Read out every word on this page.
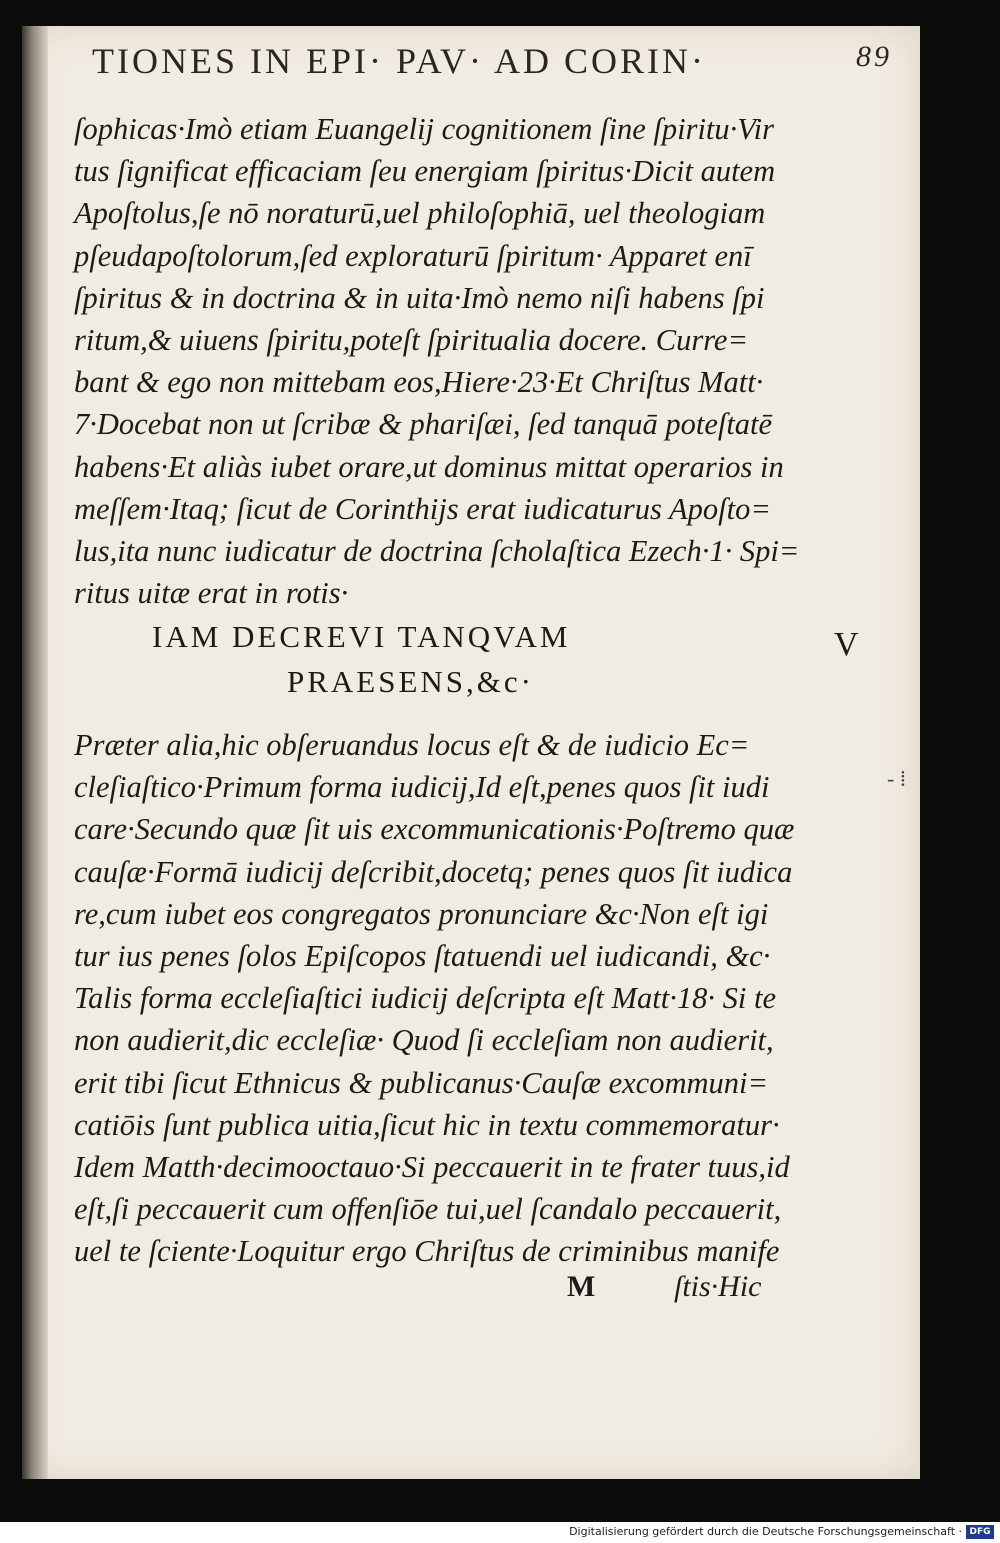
TIONES IN EPI· PAV· AD CORIN·	89
ſophicas·Imò etiam Euangelij cognitionem ſine ſpiritu·Vir
tus ſignificat efficaciam ſeu energiam ſpiritus·Dicit autem
Apoſtolus,ſe nō noraturū,uel philoſophiā, uel theologiam
pſeudapoſtolorum,ſed exploraturū ſpiritum· Apparet enī
ſpiritus & in doctrina & in uita·Imò nemo niſi habens ſpi
ritum,& uiuens ſpiritu,poteſt ſpiritualia docere. Curre=
bant & ego non mittebam eos,Hiere·23·Et Chriſtus Matt·
7·Docebat non ut ſcribæ & phariſæi, ſed tanquā poteſtatē
habens·Et aliàs iubet orare,ut dominus mittat operarios in
meſſem·Itaq; ſicut de Corinthijs erat iudicaturus Apoſto=
lus,ita nunc iudicatur de doctrina ſcholaſtica Ezech·1· Spi=
ritus uitæ erat in rotis·
IAM DECREVI TANQVAM
PRAESENS,&c·
V
- ⁞
Præter alia,hic obſeruandus locus eſt & de iudicio Ec=
cleſiaſtico·Primum forma iudicij,Id eſt,penes quos ſit iudi
care·Secundo quæ ſit uis excommunicationis·Poſtremo quæ
cauſæ·Formā iudicij deſcribit,docetq; penes quos ſit iudica
re,cum iubet eos congregatos pronunciare &c·Non eſt igi
tur ius penes ſolos Epiſcopos ſtatuendi uel iudicandi, &c·
Talis forma eccleſiaſtici iudicij deſcripta eſt Matt·18· Si te
non audierit,dic eccleſiæ· Quod ſi eccleſiam non audierit,
erit tibi ſicut Ethnicus & publicanus·Cauſæ excommuni=
catiōis ſunt publica uitia,ſicut hic in textu commemoratur·
Idem Matth·decimooctauo·Si peccauerit in te frater tuus,id
eſt,ſi peccauerit cum offenſiōe tui,uel ſcandalo peccauerit,
uel te ſciente·Loquitur ergo Chriſtus de criminibus manife
M	ſtis·Hic
Digitalisierung gefördert durch die Deutsche Forschungsgemeinschaft · DFG
